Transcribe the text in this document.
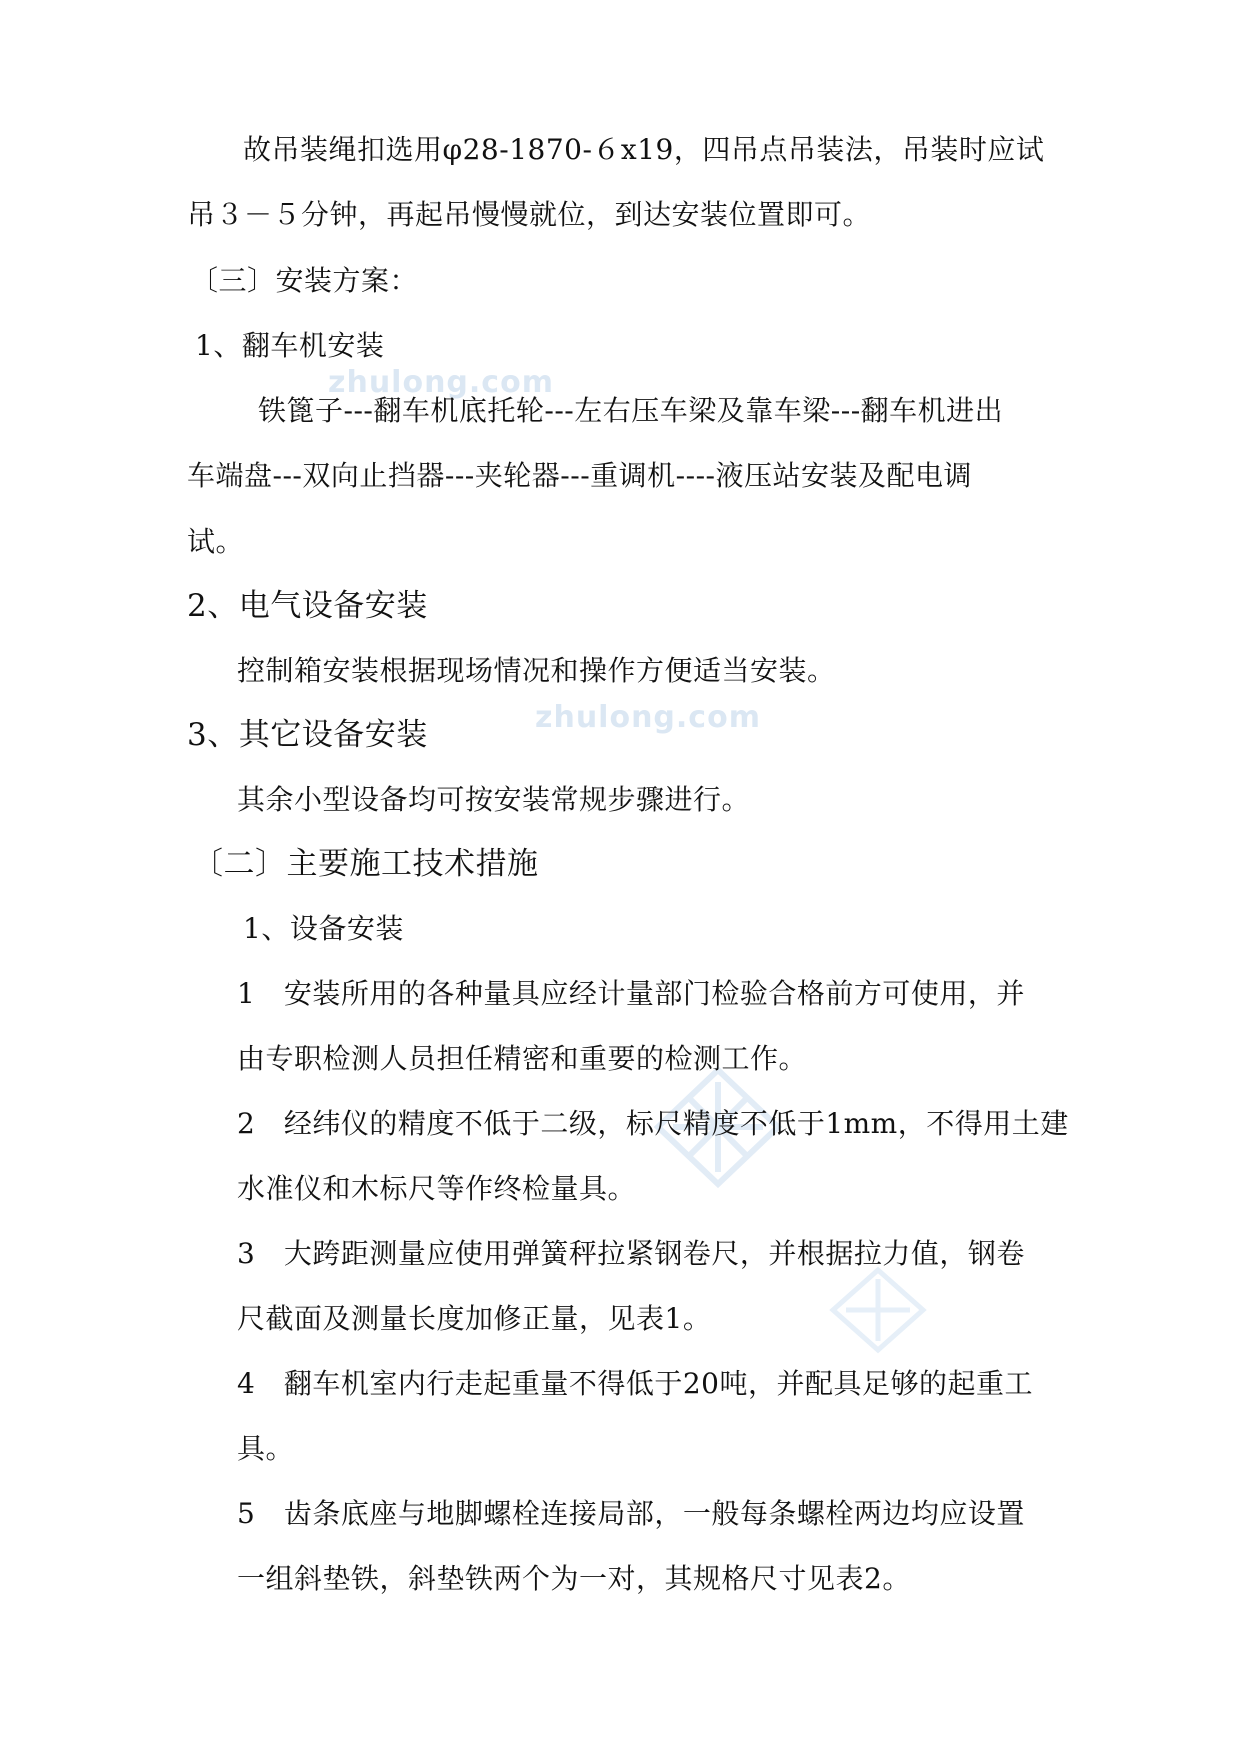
zhulong.com
zhulong.com
故吊装绳扣选用φ28-1870-６x19，四吊点吊装法，吊装时应试
吊３－５分钟，再起吊慢慢就位，到达安装位置即可。
〔三〕安装方案：
1、翻车机安装
铁篦子---翻车机底托轮---左右压车梁及靠车梁---翻车机进出
车端盘---双向止挡器---夹轮器---重调机----液压站安装及配电调
试。
2、电气设备安装
控制箱安装根据现场情况和操作方便适当安装。
3、其它设备安装
其余小型设备均可按安装常规步骤进行。
〔二〕主要施工技术措施
1、设备安装
1　安装所用的各种量具应经计量部门检验合格前方可使用，并
由专职检测人员担任精密和重要的检测工作。
2　经纬仪的精度不低于二级，标尺精度不低于1mm，不得用土建
水准仪和木标尺等作终检量具。
3　大跨距测量应使用弹簧秤拉紧钢卷尺，并根据拉力值，钢卷
尺截面及测量长度加修正量，见表1。
4　翻车机室内行走起重量不得低于20吨，并配具足够的起重工
具。
5　齿条底座与地脚螺栓连接局部，一般每条螺栓两边均应设置
一组斜垫铁，斜垫铁两个为一对，其规格尺寸见表2。
